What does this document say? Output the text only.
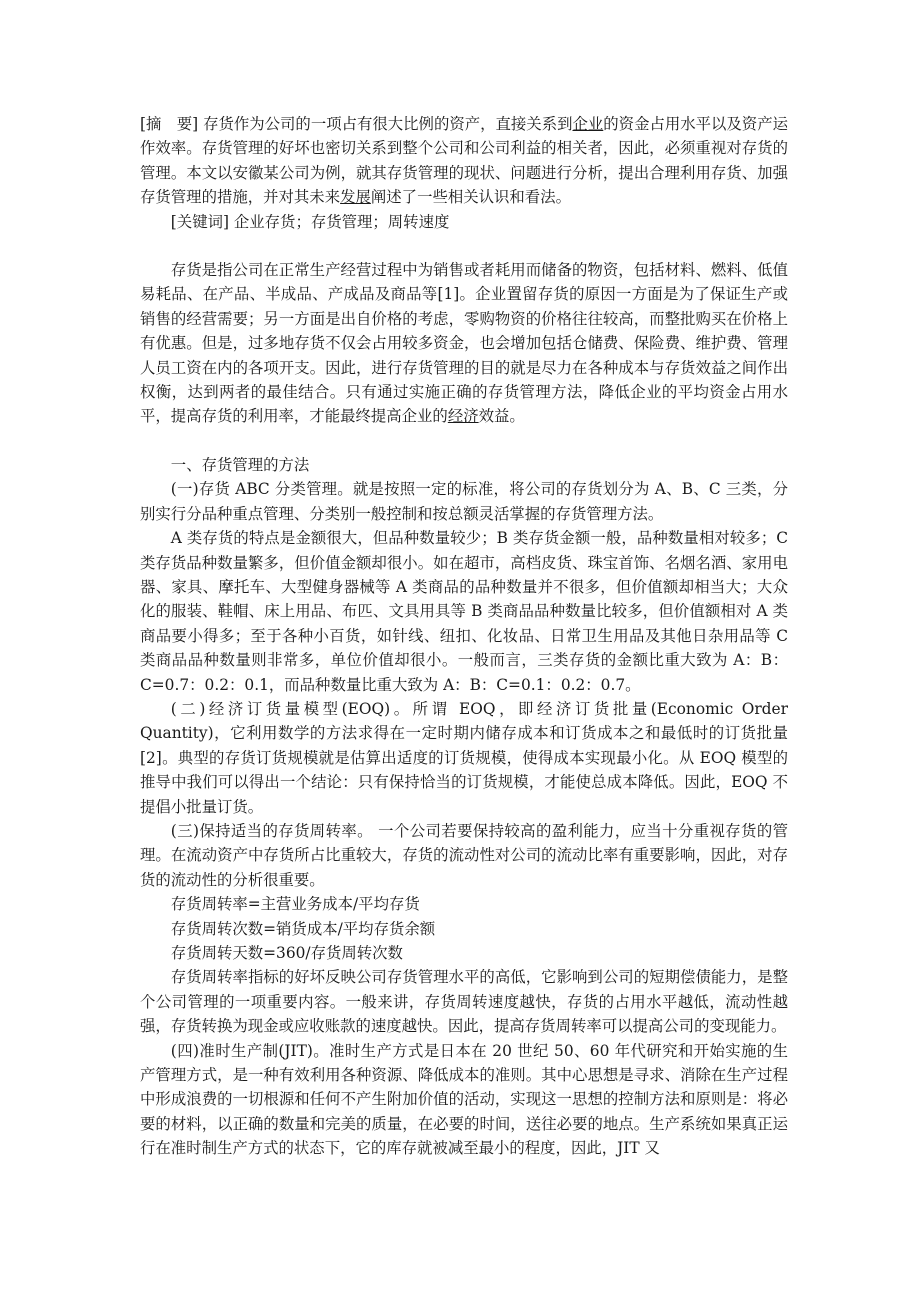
[摘　要] 存货作为公司的一项占有很大比例的资产，直接关系到企业的资金占用水平以及资产运作效率。存货管理的好坏也密切关系到整个公司和公司利益的相关者，因此，必须重视对存货的管理。本文以安徽某公司为例，就其存货管理的现状、问题进行分析，提出合理利用存货、加强存货管理的措施，并对其未来发展阐述了一些相关认识和看法。

[关键词] 企业存货；存货管理；周转速度

存货是指公司在正常生产经营过程中为销售或者耗用而储备的物资，包括材料、燃料、低值易耗品、在产品、半成品、产成品及商品等[1]。企业置留存货的原因一方面是为了保证生产或销售的经营需要；另一方面是出自价格的考虑，零购物资的价格往往较高，而整批购买在价格上有优惠。但是，过多地存货不仅会占用较多资金，也会增加包括仓储费、保险费、维护费、管理人员工资在内的各项开支。因此，进行存货管理的目的就是尽力在各种成本与存货效益之间作出权衡，达到两者的最佳结合。只有通过实施正确的存货管理方法，降低企业的平均资金占用水平，提高存货的利用率，才能最终提高企业的经济效益。

一、存货管理的方法

(一)存货 ABC 分类管理。就是按照一定的标准，将公司的存货划分为 A、B、C 三类，分别实行分品种重点管理、分类别一般控制和按总额灵活掌握的存货管理方法。

A 类存货的特点是金额很大，但品种数量较少；B 类存货金额一般，品种数量相对较多；C 类存货品种数量繁多，但价值金额却很小。如在超市，高档皮货、珠宝首饰、名烟名酒、家用电器、家具、摩托车、大型健身器械等 A 类商品的品种数量并不很多，但价值额却相当大；大众化的服装、鞋帽、床上用品、布匹、文具用具等 B 类商品品种数量比较多，但价值额相对 A 类商品要小得多；至于各种小百货，如针线、纽扣、化妆品、日常卫生用品及其他日杂用品等 C 类商品品种数量则非常多，单位价值却很小。一般而言，三类存货的金额比重大致为 A：B：C=0.7：0.2：0.1，而品种数量比重大致为 A：B：C=0.1：0.2：0.7。

(二)经济订货量模型(EOQ)。所谓 EOQ，即经济订货批量(Economic Order Quantity)，它利用数学的方法求得在一定时期内储存成本和订货成本之和最低时的订货批量[2]。典型的存货订货规模就是估算出适度的订货规模，使得成本实现最小化。从 EOQ 模型的推导中我们可以得出一个结论：只有保持恰当的订货规模，才能使总成本降低。因此，EOQ 不提倡小批量订货。

(三)保持适当的存货周转率。 一个公司若要保持较高的盈利能力，应当十分重视存货的管理。在流动资产中存货所占比重较大，存货的流动性对公司的流动比率有重要影响，因此，对存货的流动性的分析很重要。

存货周转率=主营业务成本/平均存货

存货周转次数=销货成本/平均存货余额

存货周转天数=360/存货周转次数

存货周转率指标的好坏反映公司存货管理水平的高低，它影响到公司的短期偿债能力，是整个公司管理的一项重要内容。一般来讲，存货周转速度越快，存货的占用水平越低，流动性越强，存货转换为现金或应收账款的速度越快。因此，提高存货周转率可以提高公司的变现能力。

(四)准时生产制(JIT)。准时生产方式是日本在 20 世纪 50、60 年代研究和开始实施的生产管理方式，是一种有效利用各种资源、降低成本的准则。其中心思想是寻求、消除在生产过程中形成浪费的一切根源和任何不产生附加价值的活动，实现这一思想的控制方法和原则是：将必要的材料，以正确的数量和完美的质量，在必要的时间，送往必要的地点。生产系统如果真正运行在准时制生产方式的状态下，它的库存就被减至最小的程度，因此，JIT 又
